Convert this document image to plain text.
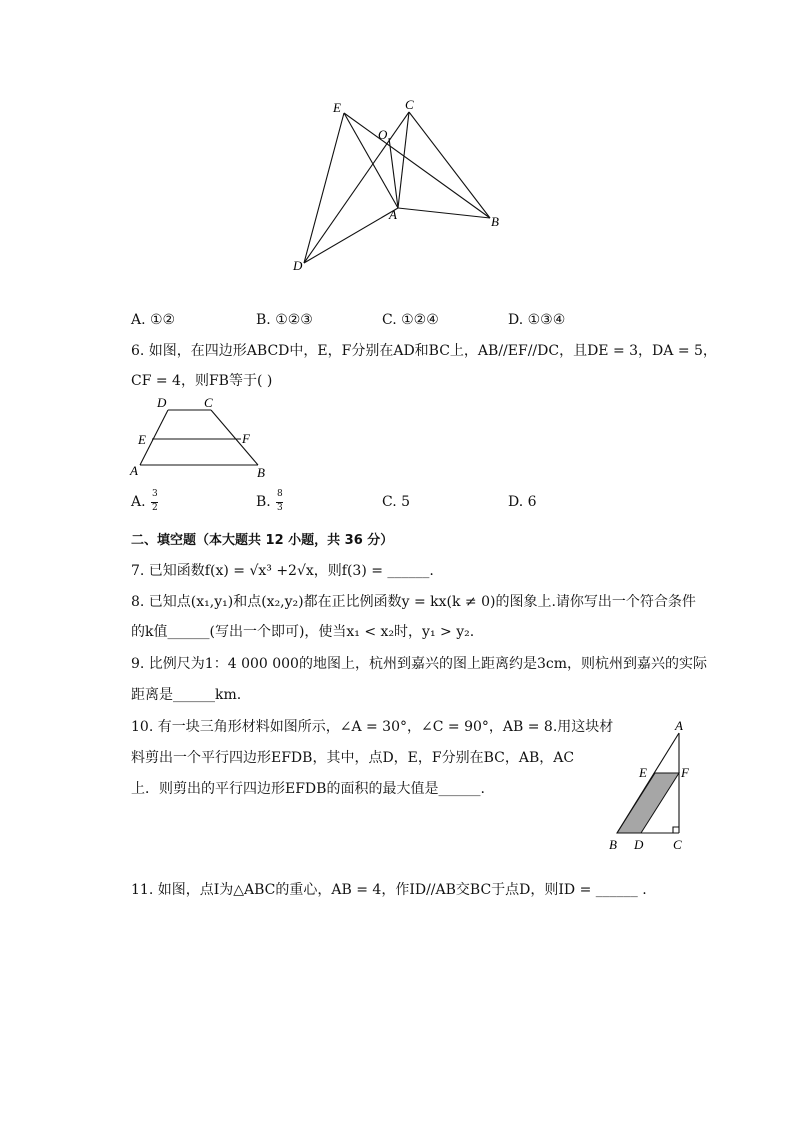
E	C
O
A	B
D
A. ①②	B. ①②③	C. ①②④	D. ①③④
6. 如图，在四边形ABCD中，E，F分别在AD和BC上，AB//EF//DC，且DE = 3，DA = 5，
CF = 4，则FB等于( )
D	C
E	F
A	B
A. 3
2	B. 8
3	C. 5	D. 6
二、填空题（本大题共 12 小题，共 36 分）
7. 已知函数f(x) = √x³ +2√x，则f(3) = ______.
8. 已知点(x₁,y₁)和点(x₂,y₂)都在正比例函数y = kx(k ≠ 0)的图象上.请你写出一个符合条件
的k值______(写出一个即可)，使当x₁ < x₂时，y₁ > y₂.
9. 比例尺为1：4 000 000的地图上，杭州到嘉兴的图上距离约是3cm，则杭州到嘉兴的实际
距离是______km.
10. 有一块三角形材料如图所示，∠A = 30°，∠C = 90°，AB = 8.用这块材
料剪出一个平行四边形EFDB，其中，点D，E，F分别在BC，AB，AC
上．则剪出的平行四边形EFDB的面积的最大值是______.
A
E	F
B D C
11. 如图，点I为△ABC的重心，AB = 4，作ID//AB交BC于点D，则ID = ______ .
